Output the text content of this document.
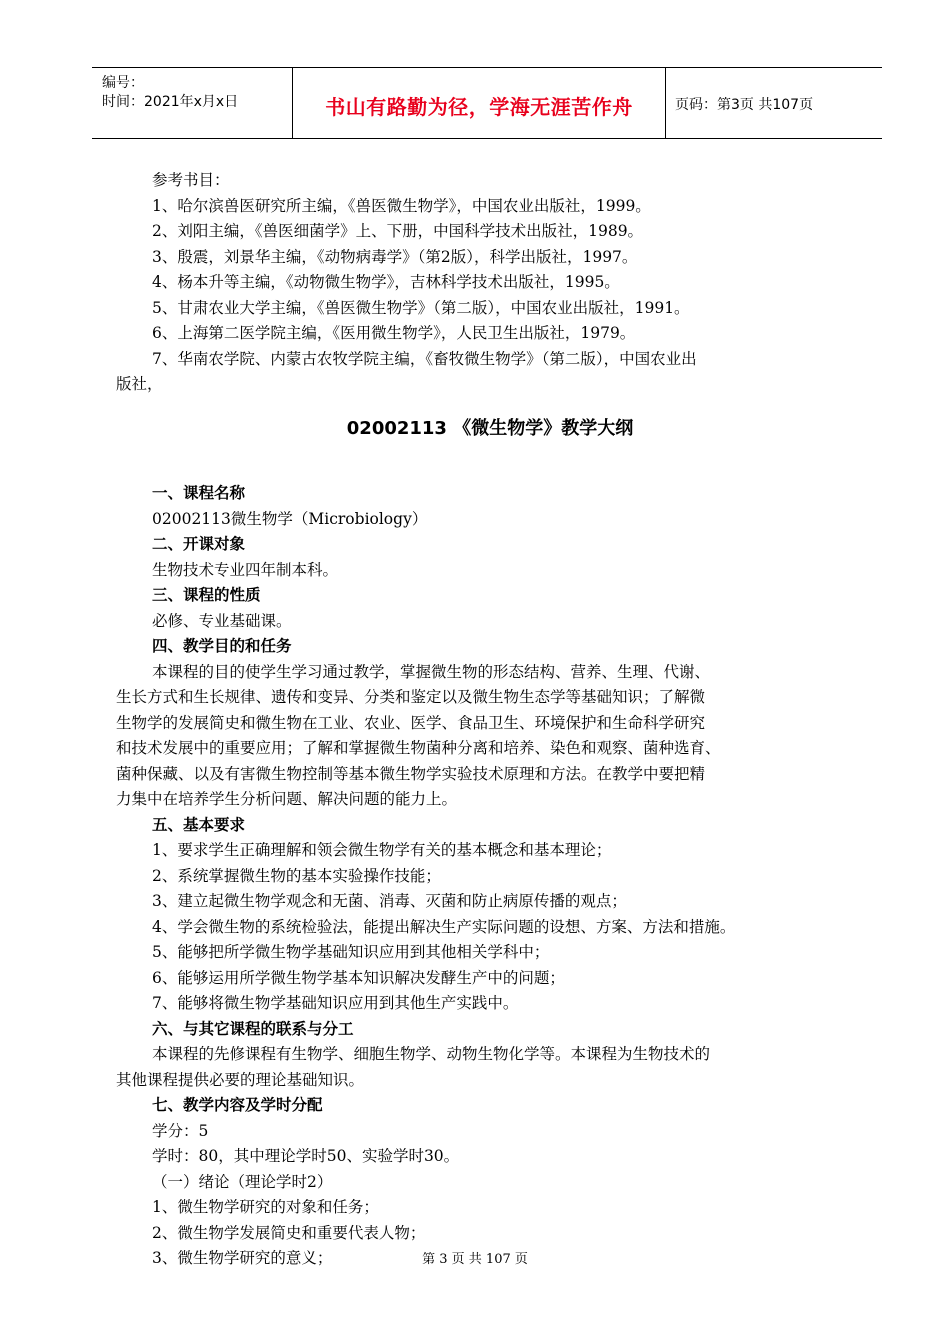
编号：
时间：2021年x月x日	书山有路勤为径，学海无涯苦作舟	页码：第3页 共107页

参考书目：

1、哈尔滨兽医研究所主编，《兽医微生物学》，中国农业出版社，1999。

2、刘阳主编，《兽医细菌学》上、下册，中国科学技术出版社，1989。

3、殷震，刘景华主编，《动物病毒学》（第2版），科学出版社，1997。

4、杨本升等主编，《动物微生物学》，吉林科学技术出版社，1995。

5、甘肃农业大学主编，《兽医微生物学》（第二版），中国农业出版社，1991。

6、上海第二医学院主编，《医用微生物学》，人民卫生出版社，1979。

7、华南农学院、内蒙古农牧学院主编，《畜牧微生物学》（第二版），中国农业出

版社，

02002113 《微生物学》教学大纲

一、课程名称

02002113微生物学（Microbiology）

二、开课对象

生物技术专业四年制本科。

三、课程的性质

必修、专业基础课。

四、教学目的和任务

本课程的目的使学生学习通过教学，掌握微生物的形态结构、营养、生理、代谢、

生长方式和生长规律、遗传和变异、分类和鉴定以及微生物生态学等基础知识；了解微

生物学的发展简史和微生物在工业、农业、医学、食品卫生、环境保护和生命科学研究

和技术发展中的重要应用；了解和掌握微生物菌种分离和培养、染色和观察、菌种选育、

菌种保藏、以及有害微生物控制等基本微生物学实验技术原理和方法。在教学中要把精

力集中在培养学生分析问题、解决问题的能力上。

五、基本要求

1、要求学生正确理解和领会微生物学有关的基本概念和基本理论；

2、系统掌握微生物的基本实验操作技能；

3、建立起微生物学观念和无菌、消毒、灭菌和防止病原传播的观点；

4、学会微生物的系统检验法，能提出解决生产实际问题的设想、方案、方法和措施。

5、能够把所学微生物学基础知识应用到其他相关学科中；

6、能够运用所学微生物学基本知识解决发酵生产中的问题；

7、能够将微生物学基础知识应用到其他生产实践中。

六、与其它课程的联系与分工

本课程的先修课程有生物学、细胞生物学、动物生物化学等。本课程为生物技术的

其他课程提供必要的理论基础知识。

七、教学内容及学时分配

学分：5

学时：80，其中理论学时50、实验学时30。

（一）绪论（理论学时2）

1、微生物学研究的对象和任务；

2、微生物学发展简史和重要代表人物；

3、微生物学研究的意义；	第 3 页 共 107 页
